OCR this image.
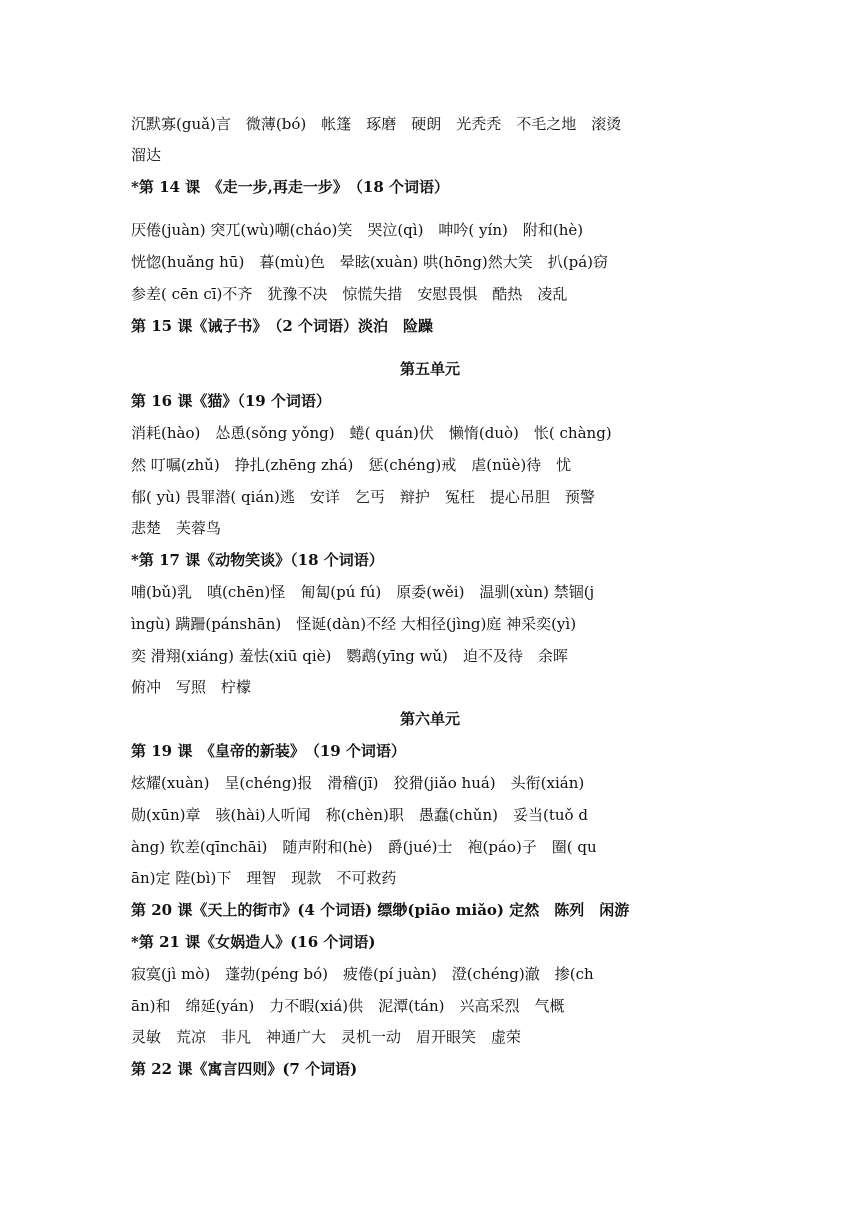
沉默寡(guǎ)言　微薄(bó)　帐篷　琢磨　硬朗　光秃秃　不毛之地　滚烫
溜达
*第 14 课　《走一步,再走一步》　（18 个词语）
厌倦(juàn) 突兀(wù)嘲(cháo)笑　哭泣(qì)　呻吟( yín)　附和(hè)
恍惚(huǎng hū)　暮(mù)色　晕眩(xuàn) 哄(hōng)然大笑　扒(pá)窃
参差( cēn cī)不齐　犹豫不决　惊慌失措　安慰畏惧　酷热　凌乱
第 15 课《诫子书》　（2 个词语）淡泊　险躁
第五单元
第 16 课《猫》（19 个词语）
消耗(hào)　怂恿(sǒng yǒng)　蜷( quán)伏　懒惰(duò)　怅( chàng)
然 叮嘱(zhǔ)　挣扎(zhēng zhá)　惩(chéng)戒　虐(nüè)待　忧
郁( yù) 畏罪潜( qián)逃　安详　乞丐　辩护　冤枉　提心吊胆　预警
悲楚　芙蓉鸟
*第 17 课《动物笑谈》（18 个词语）
哺(bǔ)乳　嗔(chēn)怪　匍匐(pú fú)　原委(wěi)　温驯(xùn) 禁锢(j
ìngù) 蹒跚(pánshān)　怪诞(dàn)不经 大相径(jìng)庭 神采奕(yì)
奕 滑翔(xiáng) 羞怯(xiū qiè)　鹦鹉(yīng wǔ)　迫不及待　余晖
俯冲　写照　柠檬
第六单元
第 19 课　《皇帝的新装》　（19 个词语）
炫耀(xuàn)　呈(chéng)报　滑稽(jī)　狡猾(jiǎo huá)　头衔(xián)
勋(xūn)章　骇(hài)人听闻　称(chèn)职　愚蠢(chǔn)　妥当(tuǒ d
àng) 钦差(qīnchāi)　随声附和(hè)　爵(jué)士　袍(páo)子　圈( qu
ān)定 陛(bì)下　理智　现款　不可救药
第 20 课《天上的街市》(4 个词语) 缥缈(piāo miǎo) 定然　陈列　闲游
*第 21 课《女娲造人》(16 个词语)
寂寞(jì mò)　蓬勃(péng bó)　疲倦(pí juàn)　澄(chéng)澈　掺(ch
ān)和　绵延(yán)　力不暇(xiá)供　泥潭(tán)　兴高采烈　气概
灵敏　荒凉　非凡　神通广大　灵机一动　眉开眼笑　虚荣
第 22 课《寓言四则》(7 个词语)
